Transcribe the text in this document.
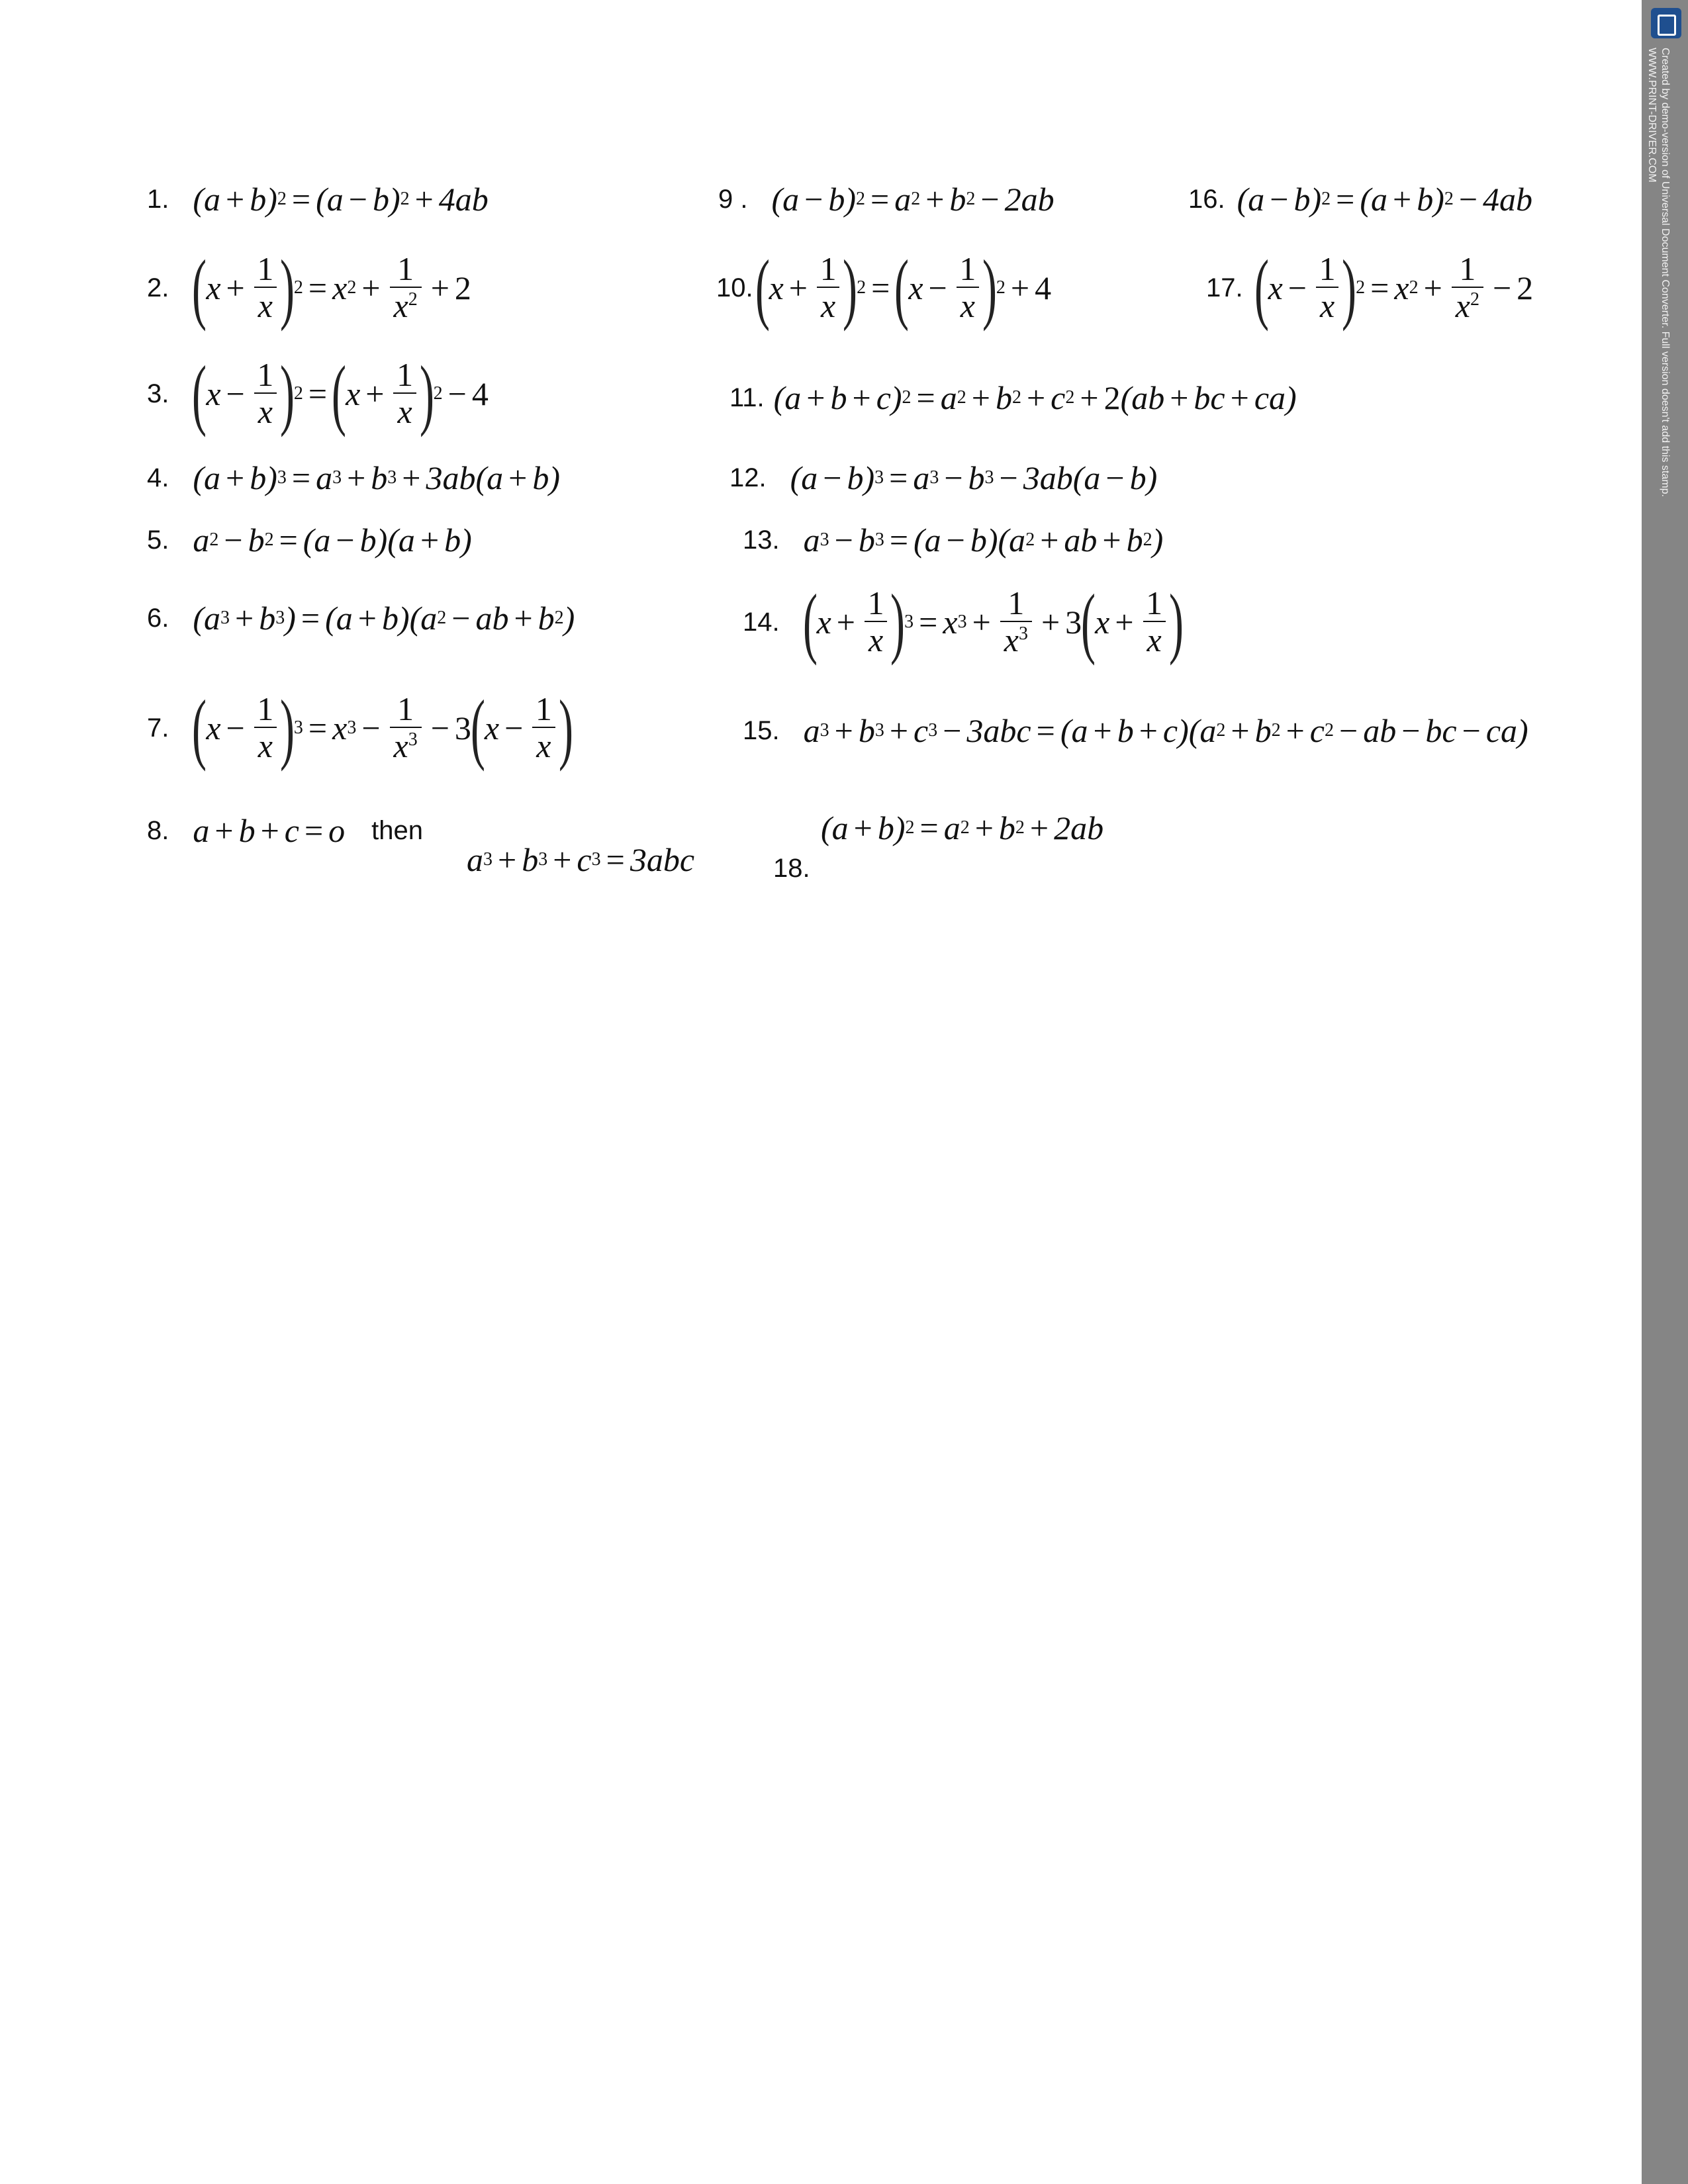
1. (a + b) 2 = (a − b) 2 + 4ab
2. (
$x + \frac{1}{x}$ )
2 = x $2 + \frac{1}{x^2} + 2$
3. (
$x - \frac{1}{x}$ )
2 = (
$x + \frac{1}{x}$ )
2 − 4
4. (a + b) 3 = a 3 + b 3 + 3ab(a + b)
5. a 2 − b 2 = (a − b)(a + b)
6. (a 3 + b 3 ) = (a + b)(a 2 − ab + b 2 )
7. (
$x - \frac{1}{x}$ )
3 = x $3 - \frac{1}{x^3} - 3$
(
$x - \frac{1}{x}$ )
8. a + b + c = o then
a 3 + b 3 + c 3 = 3abc
9 . (a − b) 2 = a 2 + b 2 − 2ab
10. (
$x + \frac{1}{x}$ )
2 = (
$x - \frac{1}{x}$ )
2 + 4
11. (a + b + c) 2 = a 2 + b 2 + c 2 + 2 (ab + bc + ca)
12. (a − b) 3 = a 3 − b 3 − 3ab(a − b)
13. a 3 − b 3 = (a − b)(a 2 + ab + b 2 )
14. (
$x + \frac{1}{x}$ )
3 = x $3 + \frac{1}{x^3} + 3$
(
$x + \frac{1}{x}$ )
15. a 3 + b 3 + c 3 − 3abc = (a + b + c)(a 2 + b 2 + c 2 − ab − bc − ca)
(a + b) 2 = a 2 + b 2 + 2ab
18.
16. (a − b) 2 = (a + b) 2 − 4ab
17. (
$x - \frac{1}{x}$ )
2 = x $2 + \frac{1}{x^2} - 2$	Created by demo-version of Universal Document Converter. Full version doesn't add this stamp. WWW.PRINT-DRIVER.COM
